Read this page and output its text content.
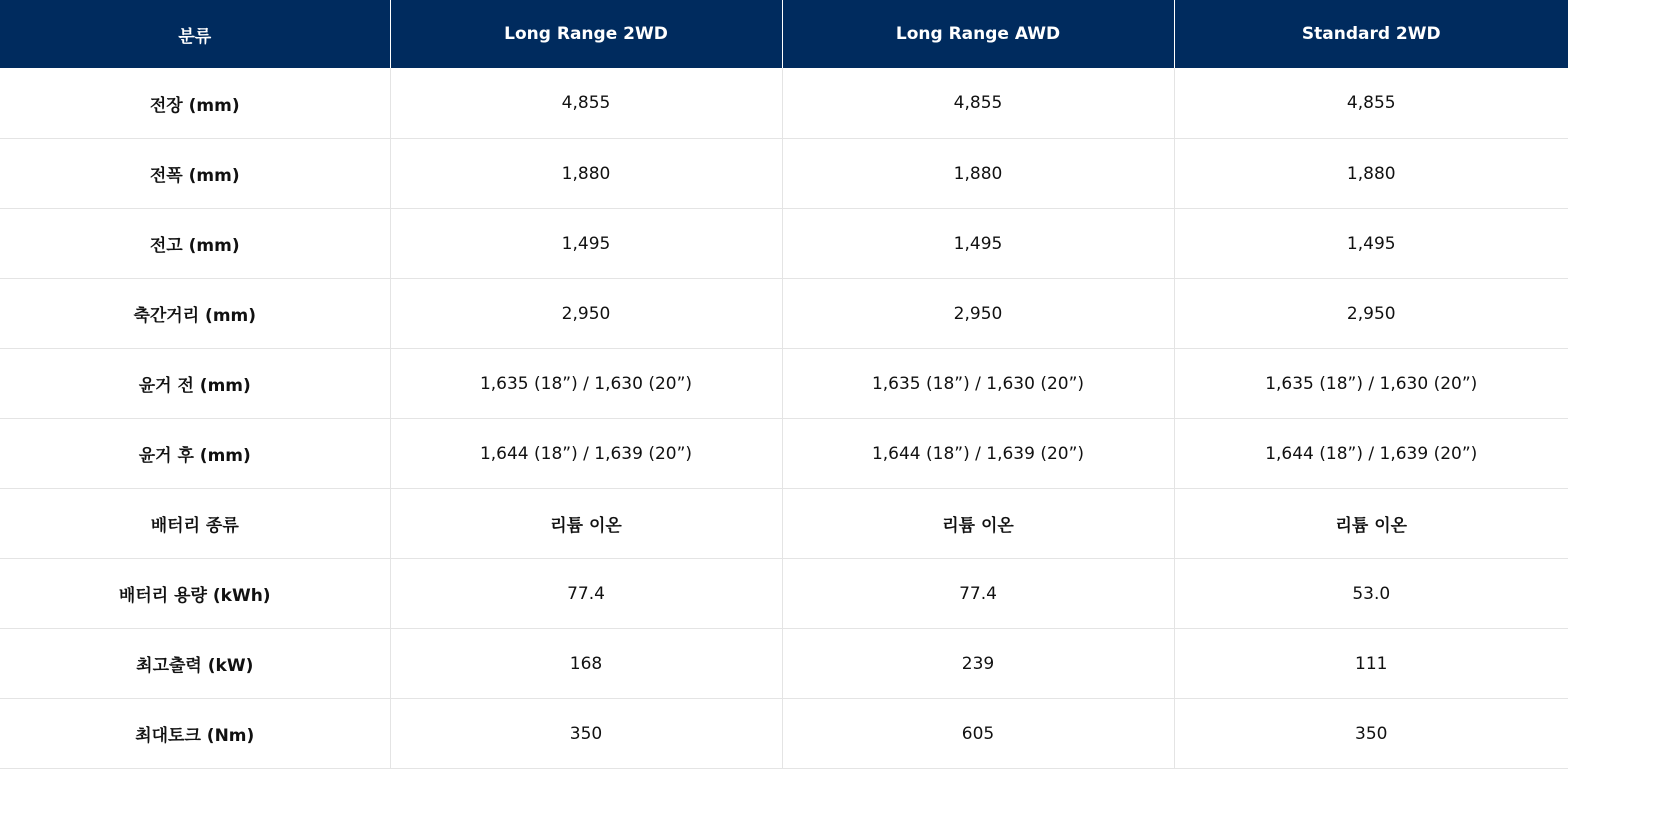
분류	Long Range 2WD	Long Range AWD	Standard 2WD
전장 (mm)	4,855	4,855	4,855
전폭 (mm)	1,880	1,880	1,880
전고 (mm)	1,495	1,495	1,495
축간거리 (mm)	2,950	2,950	2,950
윤거 전 (mm)	1,635 (18”) / 1,630 (20”)	1,635 (18”) / 1,630 (20”)	1,635 (18”) / 1,630 (20”)
윤거 후 (mm)	1,644 (18”) / 1,639 (20”)	1,644 (18”) / 1,639 (20”)	1,644 (18”) / 1,639 (20”)
배터리 종류	리튬 이온	리튬 이온	리튬 이온
배터리 용량 (kWh)	77.4	77.4	53.0
최고출력 (kW)	168	239	111
최대토크 (Nm)	350	605	350
